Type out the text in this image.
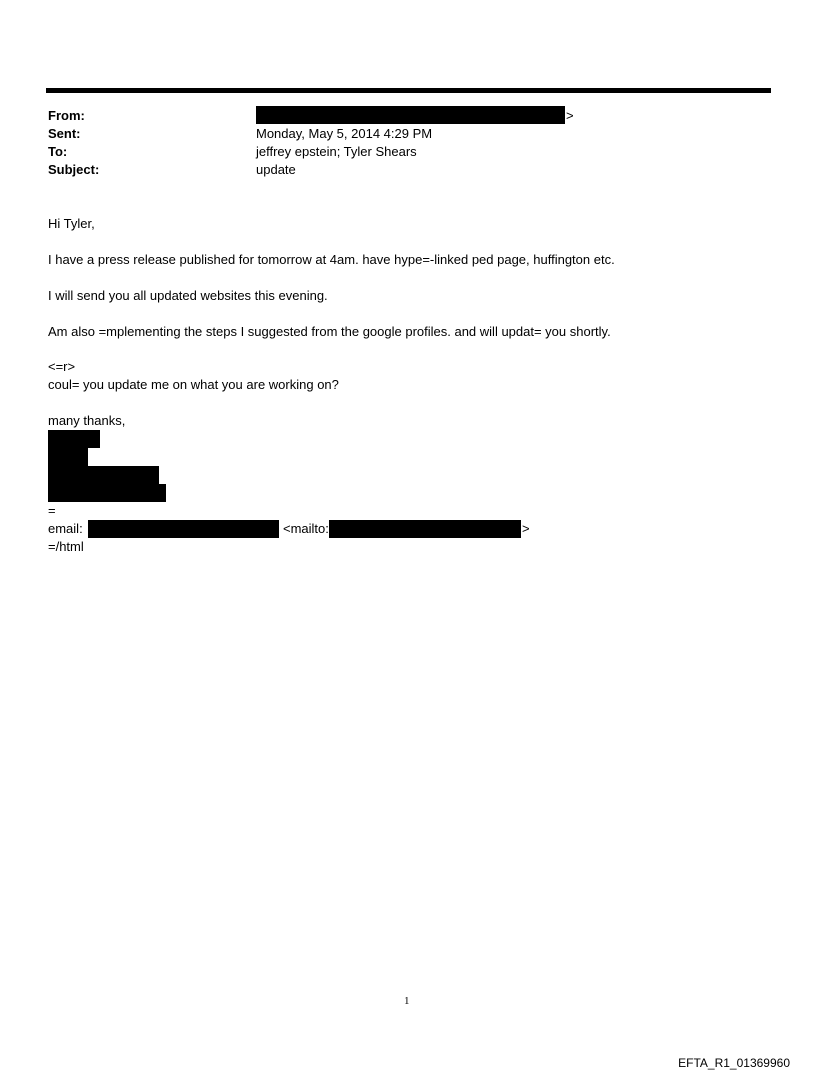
From:	>
Sent:	Monday, May 5, 2014 4:29 PM
To:	jeffrey epstein; Tyler Shears
Subject:	update
Hi Tyler,
I have a press release published for tomorrow at 4am. have hype=-linked ped page, huffington etc.
I will send you all updated websites this evening.
Am also =mplementing the steps I suggested from the google profiles. and will updat= you shortly.
<=r>
coul= you update me on what you are working on?
many thanks,
=
email:	<mailto:	>
=/html
1
EFTA_R1_01369960
